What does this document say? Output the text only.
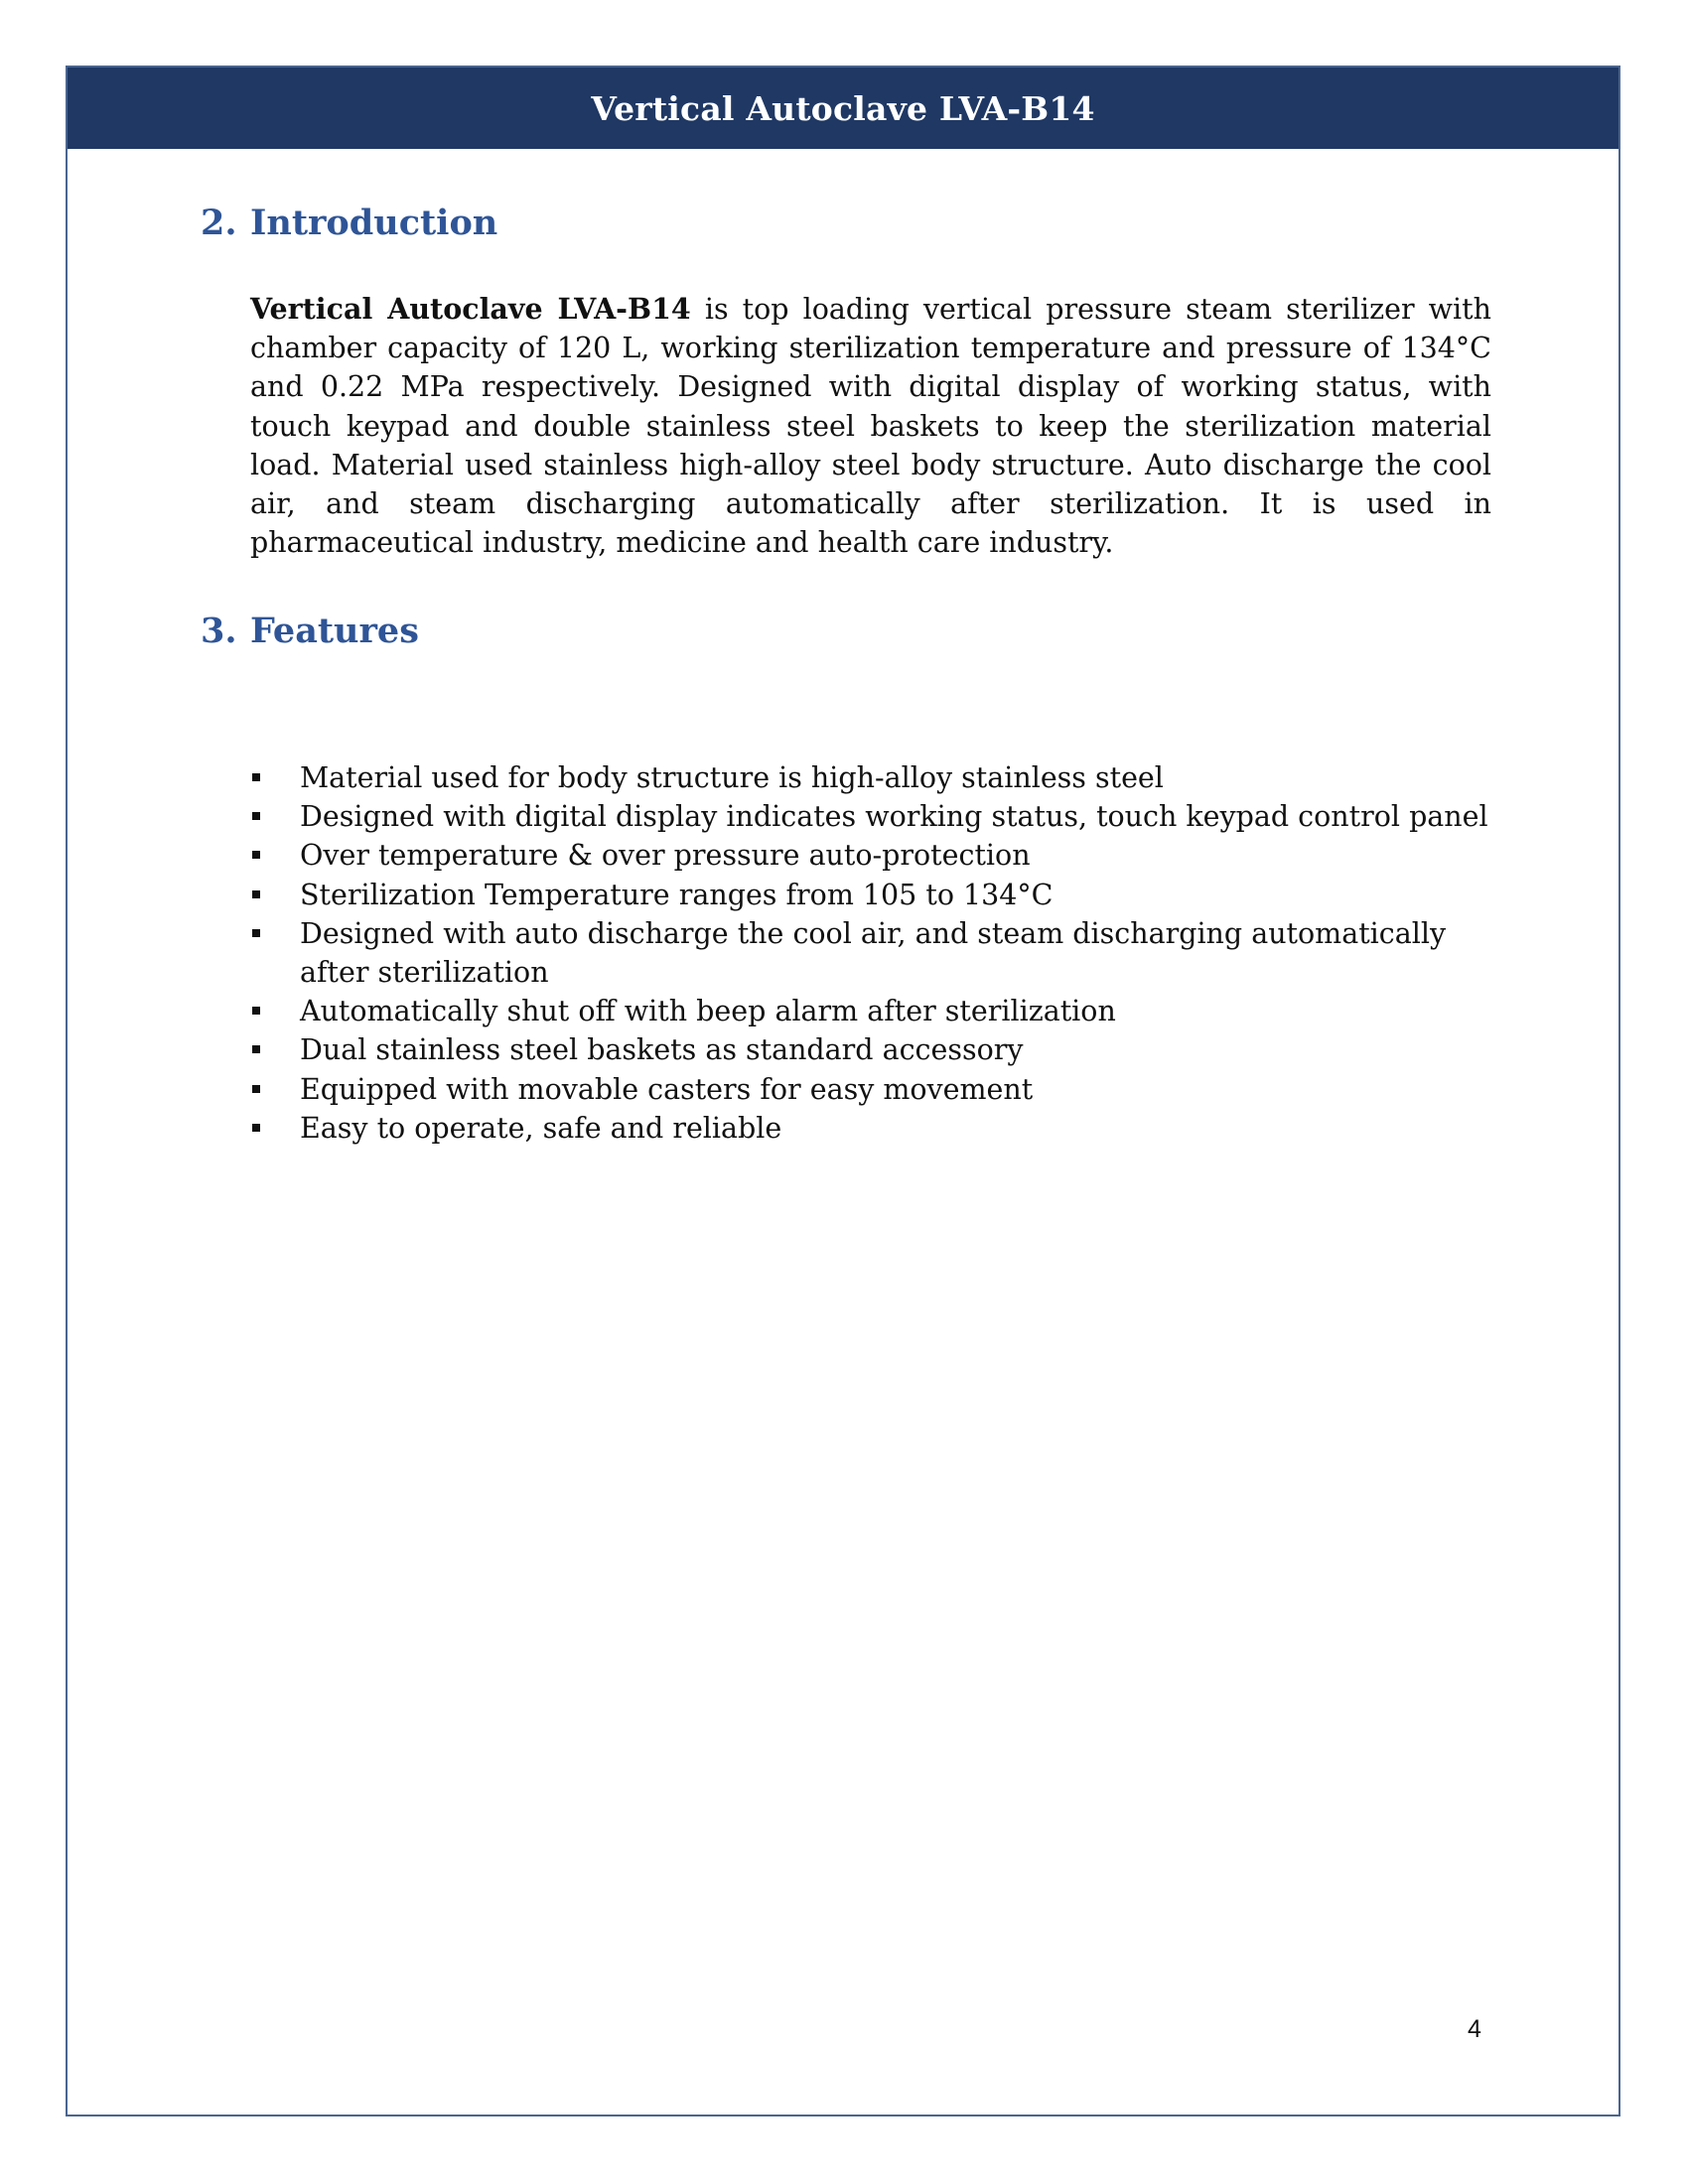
Vertical Autoclave LVA-B14
2. Introduction

Vertical Autoclave LVA-B14 is top loading vertical pressure steam sterilizer with chamber capacity of 120 L, working sterilization temperature and pressure of 134°C and 0.22 MPa respectively. Designed with digital display of working status, with touch keypad and double stainless steel baskets to keep the sterilization material load. Material used stainless high-alloy steel body structure. Auto discharge the cool air, and steam discharging automatically after sterilization. It is used in pharmaceutical industry, medicine and health care industry.

3. Features
Material used for body structure is high-alloy stainless steel
Designed with digital display indicates working status, touch keypad control panel
Over temperature & over pressure auto-protection
Sterilization Temperature ranges from 105 to 134°C
Designed with auto discharge the cool air, and steam discharging automatically after sterilization
Automatically shut off with beep alarm after sterilization
Dual stainless steel baskets as standard accessory
Equipped with movable casters for easy movement
Easy to operate, safe and reliable
4
